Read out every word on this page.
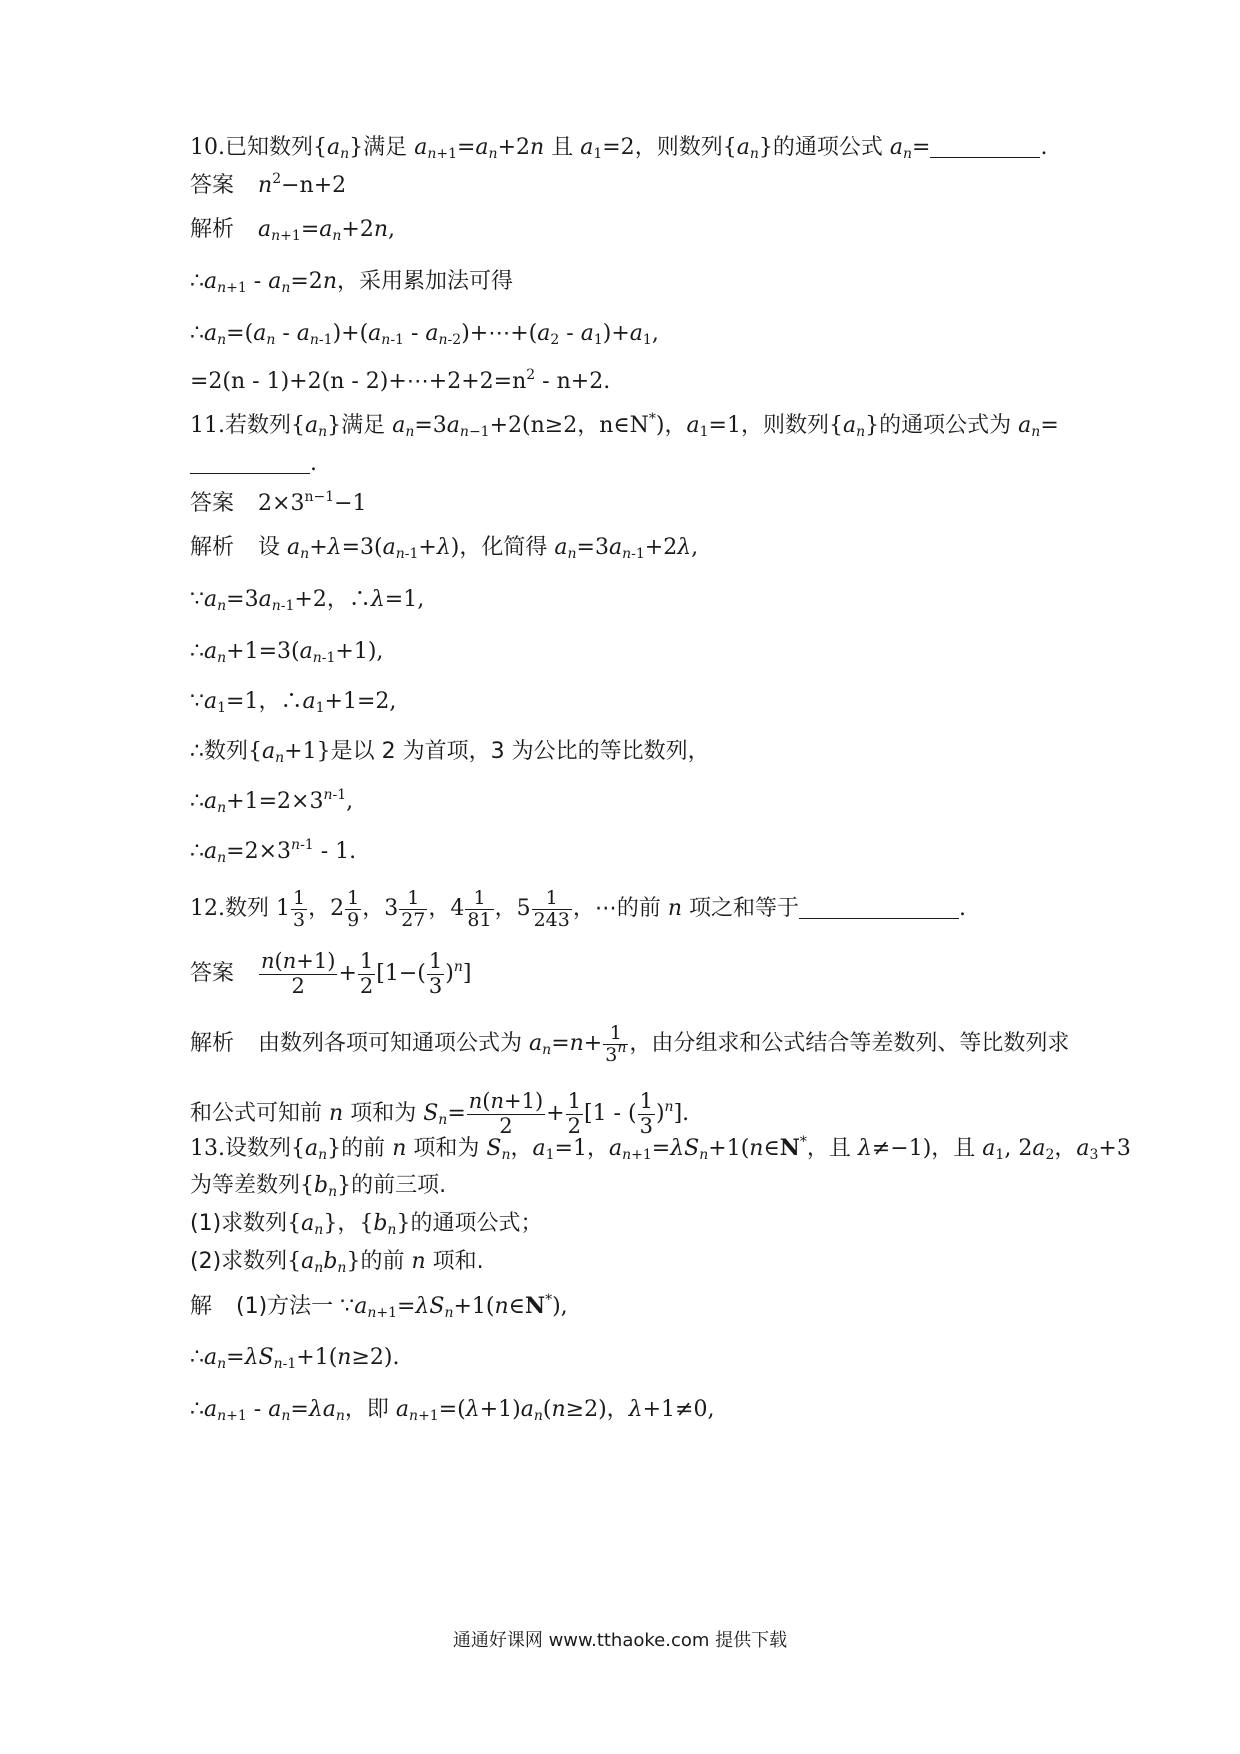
10.已知数列$\{a_n\}$满足 $a_{n+1}=a_n+2n$ 且 $a_1=2$，则数列$\{a_n\}$的通项公式 $a_n=$	.
答案 $n^2-n+2$
解析 $a_{n+1}=a_n+2n$,
$\therefore a_{n+1} - a_n=2n$，采用累加法可得
$\therefore a_n=(a_n - a_{n-1})+(a_{n-1}$ - $a_{n-2})+\cdots+(a_2 - a_1)+a_1$,
$=2(n - 1)+2(n - 2)+\cdots+2+2=n^2 - n+2$.
11.若数列$\{a_n\}$满足 $a_n=3a_{n-1}+2(n\ge 2$，n∈N*)，$a_1=1$，则数列$\{a_n\}$的通项公式为 $a_n=$
.
答案 $2\times 3^{n-1}-1$
解析 设 $a_n+\lambda=3(a_{n-1}+\lambda)$，化简得 $a_n=3a_{n-1}+2\lambda$,
$\because a_n=3a_{n-1}+2$，∴λ=1,
$\therefore a_n+1=3(a_{n-1}+1)$,
$\because a_1=1$，$\therefore a_1+1=2$,
∴数列$\{a_n+1\}$是以 2 为首项，3 为公比的等比数列，
$\therefore a_n+1=2\times 3^{n-1}$,
$\therefore a_n=2\times 3^{n-1} - 1$.
12.数列 $1 \frac{1}{3}$ ，$2 \frac{1}{9}$ ，$3 \frac{1}{27}$ ，$4 \frac{1}{81}$ ，$5 \frac{1}{243}$ ，⋯的前 n 项之和等于	.
答案 $\frac{n(n+1)}{2} + \frac{1}{2} [1-( \frac{1}{3} )^n]$
解析 由数列各项可知通项公式为 $a_n=n+ \frac{1}{3^n}$ ，由分组求和公式结合等差数列、等比数列求
和公式可知前 n 项和为 $S_n= \frac{n(n+1)}{2} + \frac{1}{2} [1$ - ( $\frac{1}{3} )^n$].
13.设数列$\{a_n\}$的前 n 项和为 $S_n$，$a_1=1$，$a_{n+1}=\lambda S_n+1(n\in N^*$，且 λ≠−1)，且 $a_1$, $2a_2$，$a_3+3$
为等差数列$\{b_n\}$的前三项.
(1)求数列$\{a_n\}$，$\{b_n\}$的通项公式；
(2)求数列$\{a_nb_n\}$的前 n 项和.
解 (1)方法一 $\because a_{n+1}=\lambda S_n+1(n\in N^*)$,
$\therefore a_n=\lambda S_{n-1}+1(n\ge 2)$.
$\therefore a_{n+1} - a_n=\lambda a_n$，即 $a_{n+1}=(\lambda+1)a_n(n\ge 2)$，λ+1≠0,
通通好课网 www.tthaoke.com 提供下载
